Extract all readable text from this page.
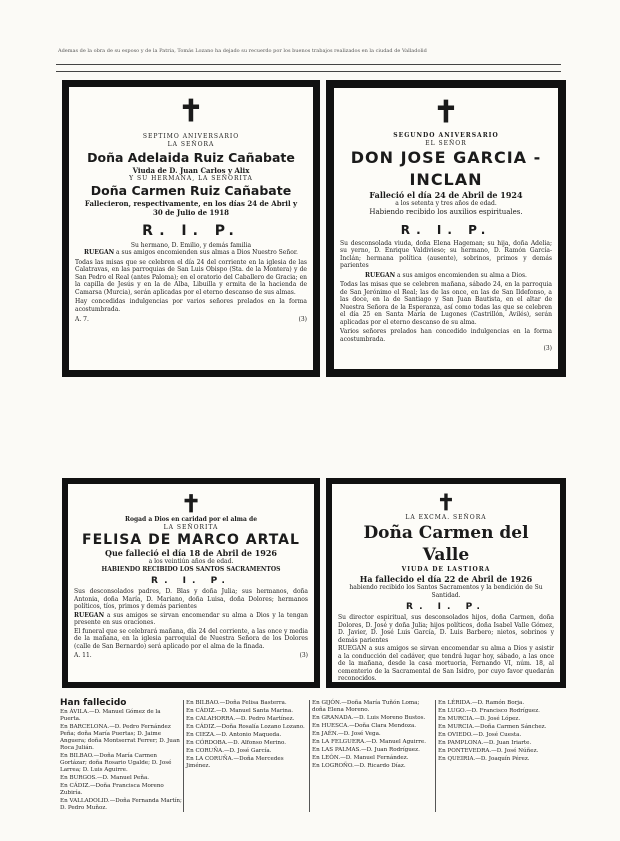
Ademas de la obra de su esposo y de la Patria, Tomás Lozano ha dejado su recuerdo por los buenos trabajos realizados en la ciudad de Valladolid
✝
SEPTIMO ANIVERSARIO
LA SEÑORA
Doña Adelaida Ruiz Cañabate
Viuda de D. Juan Carlos y Alix
Y SU HERMANA, LA SEÑORITA
Doña Carmen Ruiz Cañabate
Fallecieron, respectivamente, en los días 24 de Abril y 30 de Julio de 1918
R. I. P.
Su hermano, D. Emilio, y demás familia
RUEGAN a sus amigos encomienden sus almas a Dios Nuestro Señor.
Todas las misas que se celebren el día 24 del corriente en la iglesia de las Calatravas, en las parroquias de San Luis Obispo (Sta. de la Montera) y de San Pedro el Real (antes Paloma); en el oratorio del Caballero de Gracia; en la capilla de Jesús y en la de Alba, Libuilla y ermita de la hacienda de Camarsa (Murcia), serán aplicadas por el eterno descanso de sus almas.
Hay concedidas indulgencias por varios señores prelados en la forma acostumbrada.
A. 7.	(3)
✝
SEGUNDO ANIVERSARIO
EL SEÑOR
DON JOSE GARCIA - INCLAN
Falleció el día 24 de Abril de 1924
a los setenta y tres años de edad.
Habiendo recibido los auxilios espirituales.
R. I. P.
Su desconsolada viuda, doña Elena Hageman; su hija, doña Adelia; su yerno, D. Enrique Valdivieso; su hermano, D. Ramón García-Inclán; hermana política (ausente), sobrinos, primos y demás parientes
RUEGAN a sus amigos encomienden su alma a Dios.
Todas las misas que se celebren mañana, sábado 24, en la parroquia de San Jerónimo el Real; las de las once, en las de San Ildefonso, a las doce, en la de Santiago y San Juan Bautista, en el altar de Nuestra Señora de la Esperanza, así como todas las que se celebren el día 25 en Santa María de Lugones (Castrillón, Avilés), serán aplicadas por el eterno descanso de su alma.
Varios señores prelados han concedido indulgencias en la forma acostumbrada.
(3)
✝
Rogad a Dios en caridad por el alma de
LA SEÑORITA
FELISA DE MARCO ARTAL
Que falleció el día 18 de Abril de 1926
a los veintiún años de edad.
HABIENDO RECIBIDO LOS SANTOS SACRAMENTOS
R. I. P.
Sus desconsolados padres, D. Blas y doña Julia; sus hermanos, doña Antonia, doña María, D. Mariano, doña Luisa, doña Dolores; hermanos políticos, tíos, primos y demás parientes
RUEGAN a sus amigos se sirvan encomendar su alma a Dios y la tengan presente en sus oraciones.
El funeral que se celebrará mañana, día 24 del corriente, a las once y media de la mañana, en la iglesia parroquial de Nuestra Señora de los Dolores (calle de San Bernardo) será aplicado por el alma de la finada.
A. 11.	(3)
✝
LA EXCMA. SEÑORA
Doña Carmen del Valle
VIUDA DE LASTIORA
Ha fallecido el día 22 de Abril de 1926
habiendo recibido los Santos Sacramentos y la bendición de Su Santidad.
R. I. P.
Su director espiritual, sus desconsolados hijos, doña Carmen, doña Dolores, D. José y doña Julia; hijos políticos, doña Isabel Valle Gómez, D. Javier, D. José Luis García, D. Luis Barbero; nietos, sobrinos y demás parientes
RUEGAN a sus amigos se sirvan encomendar su alma a Dios y asistir a la conducción del cadáver, que tendrá lugar hoy, sábado, a las once de la mañana, desde la casa mortuoria, Fernando VI, núm. 18, al cementerio de la Sacramental de San Isidro, por cuyo favor quedarán reconocidos.
A. 11.	(3)
Han fallecido

En ÁVILA.—D. Manuel Gómez de la Puerta.

En BARCELONA.—D. Pedro Fernández Peña; doña María Puertas; D. Jaime Anguera; doña Montserrat Ferrer; D. Juan Roca Julián.

En BILBAO.—Doña María Carmen Gortázar; doña Rosario Ugalde; D. José Larrea; D. Luis Aguirre.

En BURGOS.—D. Manuel Peña.

En CÁDIZ.—Doña Francisca Moreno Zubiría.

En VALLADOLID.—Doña Fernanda Martín; D. Pedro Muñoz.

En BILBAO.—Doña Felisa Basterra.

En CÁDIZ.—D. Manuel Santa Marina.

En CALAHORRA.—D. Pedro Martínez.

En CÁDIZ.—Doña Rosalía Lozano Lozano.

En CIEZA.—D. Antonio Maqueda.

En CÓRDOBA.—D. Alfonso Merino.

En CORUÑA.—D. José García.

En LA CORUÑA.—Doña Mercedes Jiménez.

En GIJÓN.—Doña María Tuñón Loma; doña Elena Moreno.

En GRANADA.—D. Luis Moreno Bustos.

En HUESCA.—Doña Clara Mendoza.

En JAÉN.—D. José Vega.

En LA FELGUERA.—D. Manuel Aguirre.

En LAS PALMAS.—D. Juan Rodríguez.

En LEÓN.—D. Manuel Fernández.

En LOGROÑO.—D. Ricardo Díaz.

En LÉRIDA.—D. Ramón Borja.

En LUGO.—D. Francisco Rodríguez.

En MURCIA.—D. José López.

En MURCIA.—Doña Carmen Sánchez.

En OVIEDO.—D. José Cuesta.

En PAMPLONA.—D. Juan Iriarte.

En PONTEVEDRA.—D. José Núñez.

En QUEIRIA.—D. Joaquín Pérez.
